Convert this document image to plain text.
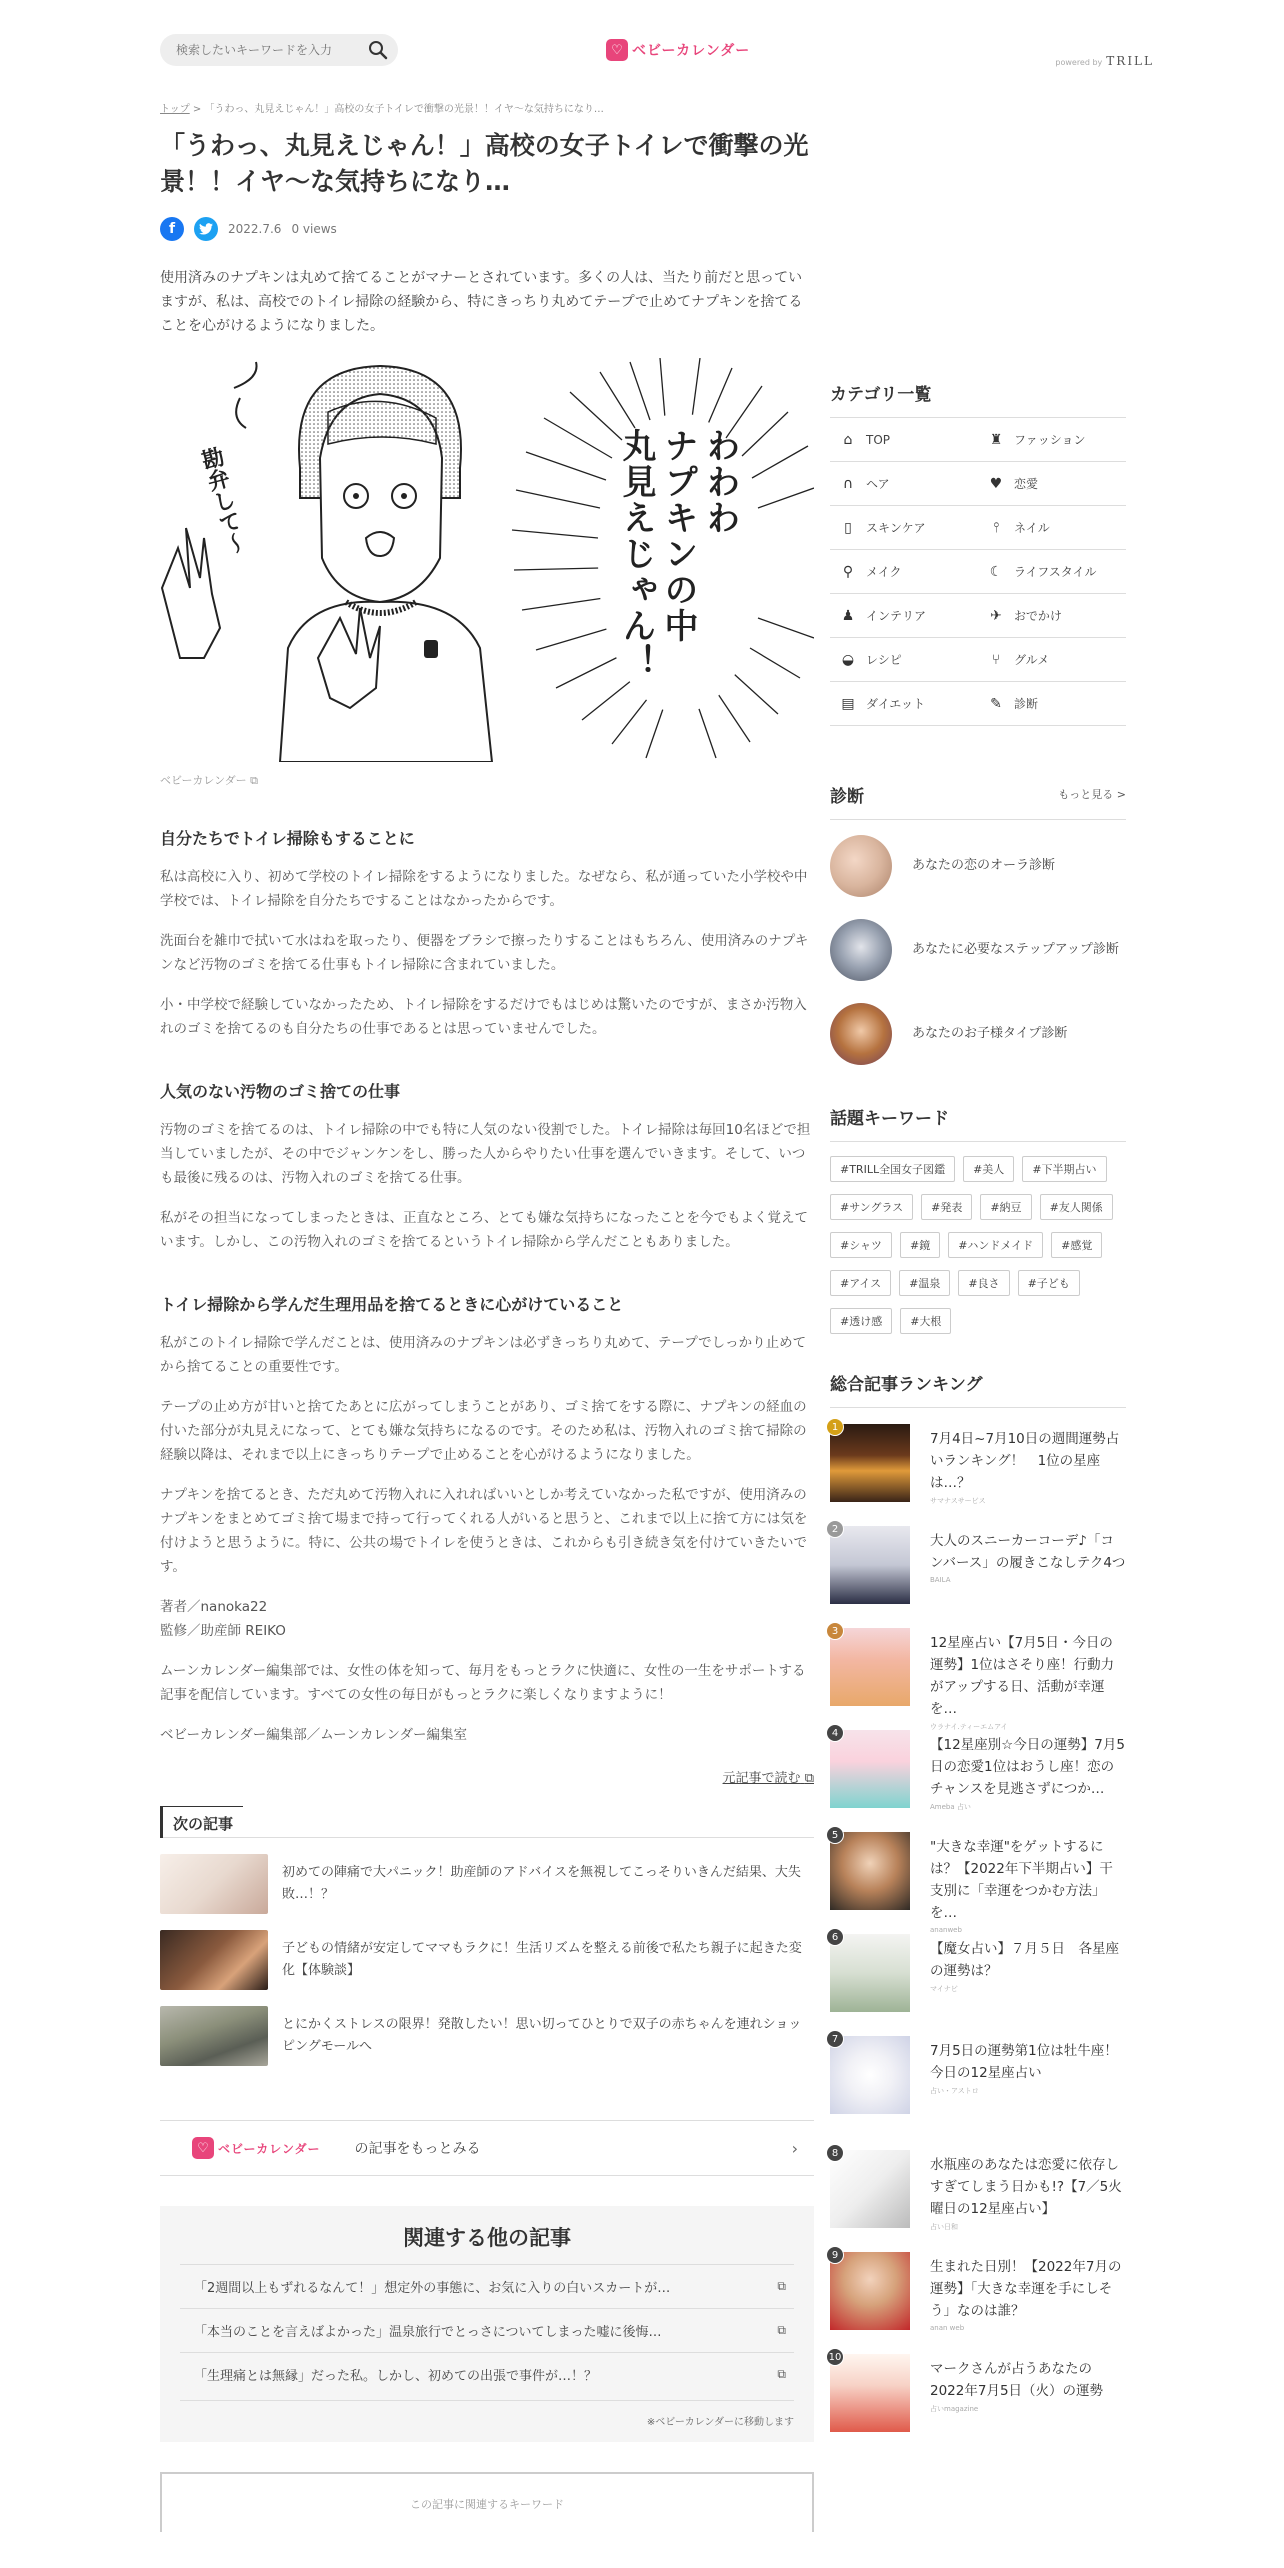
検索したいキーワードを入力
♡ ベビーカレンダー
powered by TRILL
トップ > 「うわっ、丸見えじゃん！」高校の女子トイレで衝撃の光景！！イヤ～な気持ちになり…
「うわっ、丸見えじゃん！」高校の女子トイレで衝撃の光景！！イヤ～な気持ちになり…
f	2022.7.6 0 views

使用済みのナプキンは丸めて捨てることがマナーとされています。多くの人は、当たり前だと思っていますが、私は、高校でのトイレ掃除の経験から、特にきっちり丸めてテープで止めてナプキンを捨てることを心がけるようになりました。

勘弁して～	わわわ
ナプキンの中
丸見えじゃん！
ベビーカレンダー ⧉
自分たちでトイレ掃除もすることに

私は高校に入り、初めて学校のトイレ掃除をするようになりました。なぜなら、私が通っていた小学校や中学校では、トイレ掃除を自分たちですることはなかったからです。

洗面台を雑巾で拭いて水はねを取ったり、便器をブラシで擦ったりすることはもちろん、使用済みのナプキンなど汚物のゴミを捨てる仕事もトイレ掃除に含まれていました。

小・中学校で経験していなかったため、トイレ掃除をするだけでもはじめは驚いたのですが、まさか汚物入れのゴミを捨てるのも自分たちの仕事であるとは思っていませんでした。

人気のない汚物のゴミ捨ての仕事

汚物のゴミを捨てるのは、トイレ掃除の中でも特に人気のない役割でした。トイレ掃除は毎回10名ほどで担当していましたが、その中でジャンケンをし、勝った人からやりたい仕事を選んでいきます。そして、いつも最後に残るのは、汚物入れのゴミを捨てる仕事。

私がその担当になってしまったときは、正直なところ、とても嫌な気持ちになったことを今でもよく覚えています。しかし、この汚物入れのゴミを捨てるというトイレ掃除から学んだこともありました。

トイレ掃除から学んだ生理用品を捨てるときに心がけていること

私がこのトイレ掃除で学んだことは、使用済みのナプキンは必ずきっちり丸めて、テープでしっかり止めてから捨てることの重要性です。

テープの止め方が甘いと捨てたあとに広がってしまうことがあり、ゴミ捨てをする際に、ナプキンの経血の付いた部分が丸見えになって、とても嫌な気持ちになるのです。そのため私は、汚物入れのゴミ捨て掃除の経験以降は、それまで以上にきっちりテープで止めることを心がけるようになりました。

ナプキンを捨てるとき、ただ丸めて汚物入れに入れればいいとしか考えていなかった私ですが、使用済みのナプキンをまとめてゴミ捨て場まで持って行ってくれる人がいると思うと、これまで以上に捨て方には気を付けようと思うように。特に、公共の場でトイレを使うときは、これからも引き続き気を付けていきたいです。

著者／nanoka22
監修／助産師 REIKO

ムーンカレンダー編集部では、女性の体を知って、毎月をもっとラクに快適に、女性の一生をサポートする記事を配信しています。すべての女性の毎日がもっとラクに楽しくなりますように！

ベビーカレンダー編集部／ムーンカレンダー編集室

元記事で読む ⧉
次の記事
初めての陣痛で大パニック！助産師のアドバイスを無視してこっそりいきんだ結果、大失敗…！？
子どもの情緒が安定してママもラクに！生活リズムを整える前後で私たち親子に起きた変化【体験談】
とにかくストレスの限界！発散したい！思い切ってひとりで双子の赤ちゃんを連れショッピングモールへ
♡ ベビーカレンダー の記事をもっとみる	›
関連する他の記事
「2週間以上もずれるなんて！」想定外の事態に、お気に入りの白いスカートが…	⧉
「本当のことを言えばよかった」温泉旅行でとっさについてしまった嘘に後悔…	⧉
「生理痛とは無縁」だった私。しかし、初めての出張で事件が…！？	⧉
※ベビーカレンダーに移動します
この記事に関連するキーワード
カテゴリ一覧
⌂ TOP	♜ ファッション
∩ ヘア	♥ 恋愛
▯	スキンケア	⫯	ネイル
⚲ メイク	☾ ライフスタイル
♟ インテリア	✈ おでかけ
◒ レシピ	⑂	グルメ
▤ ダイエット	✎ 診断
診断	もっと見る >
あなたの恋のオーラ診断
あなたに必要なステップアップ診断
あなたのお子様タイプ診断
話題キーワード
#TRILL全国女子図鑑	#美人	#下半期占い
#サングラス	#発表	#納豆	#友人関係
#シャツ	#鏡	#ハンドメイド	#感覚
#アイス	#温泉	#良さ	#子ども
#透け感	#大根
総合記事ランキング
1
7月4日~7月10日の週間運勢占いランキング！　1位の星座は…？
サマナスサービス
2
大人のスニーカーコーデ♪「コンバース」の履きこなしテク4つ
BAILA
3
12星座占い【7月5日・今日の運勢】1位はさそり座！行動力がアップする日、活動が幸運を…
ウラナイ.ティーエムアイ
4
【12星座別☆今日の運勢】7月5日の恋愛1位はおうし座！恋のチャンスを見逃さずにつか…
Ameba 占い
5
"大きな幸運"をゲットするには？【2022年下半期占い】干支別に「幸運をつかむ方法」を…
ananweb
6
【魔女占い】７月５日　各星座の運勢は？
マイナビ
7
7月5日の運勢第1位は牡牛座！今日の12星座占い
占い・アストロ
8
水瓶座のあなたは恋愛に依存しすぎてしまう日かも!?【7／5火曜日の12星座占い】
占い日和
9
生まれた日別！【2022年7月の運勢】「大きな幸運を手にしそう」なのは誰？
anan web
10
マークさんが占うあなたの2022年7月5日（火）の運勢
占いmagazine
